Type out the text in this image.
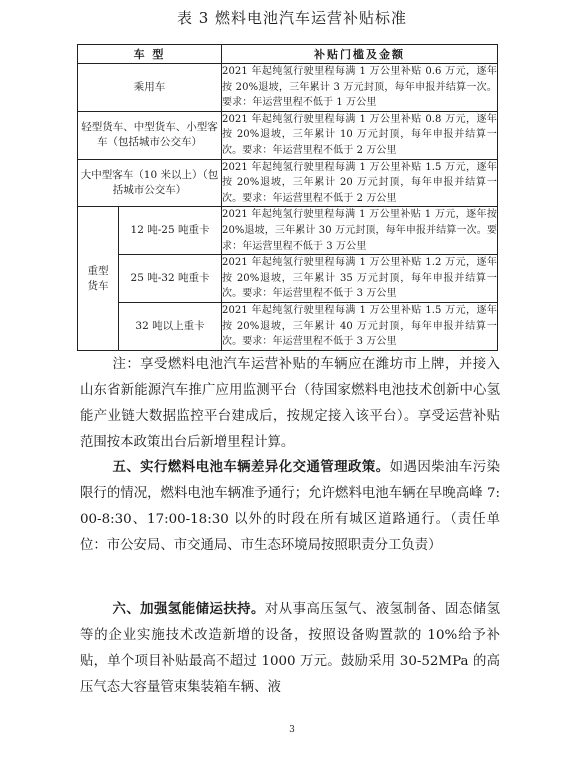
表 3 燃料电池汽车运营补贴标准
车 型		补贴门槛及金额
乘用车		2021 年起纯氢行驶里程每满 1 万公里补贴 0.6 万元，逐年按 20%退坡，三年累计 3 万元封顶，每年申报并结算一次。要求：年运营里程不低于 1 万公里
轻型货车、中型货车、小型客车（包括城市公交车）		2021 年起纯氢行驶里程每满 1 万公里补贴 0.8 万元，逐年按 20%退坡，三年累计 10 万元封顶，每年申报并结算一次。要求：年运营里程不低于 2 万公里
大中型客车（10 米以上）（包括城市公交车）		2021 年起纯氢行驶里程每满 1 万公里补贴 1.5 万元，逐年按 20%退坡，三年累计 20 万元封顶，每年申报并结算一次。要求：年运营里程不低于 2 万公里
重型货车	12 吨-25 吨重卡	2021 年起纯氢行驶里程每满 1 万公里补贴 1 万元，逐年按 20%退坡，三年累计 30 万元封顶，每年申报并结算一次。要求：年运营里程不低于 3 万公里
	25 吨-32 吨重卡	2021 年起纯氢行驶里程每满 1 万公里补贴 1.2 万元，逐年按 20%退坡，三年累计 35 万元封顶，每年申报并结算一次。要求：年运营里程不低于 3 万公里
	32 吨以上重卡	2021 年起纯氢行驶里程每满 1 万公里补贴 1.5 万元，逐年按 20%退坡，三年累计 40 万元封顶，每年申报并结算一次。要求：年运营里程不低于 3 万公里
注：享受燃料电池汽车运营补贴的车辆应在潍坊市上牌，并接入山东省新能源汽车推广应用监测平台（待国家燃料电池技术创新中心氢能产业链大数据监控平台建成后，按规定接入该平台）。享受运营补贴范围按本政策出台后新增里程计算。
五、实行燃料电池车辆差异化交通管理政策。如遇因柴油车污染限行的情况，燃料电池车辆准予通行；允许燃料电池车辆在早晚高峰 7:00-8:30、17:00-18:30 以外的时段在所有城区道路通行。（责任单位：市公安局、市交通局、市生态环境局按照职责分工负责）
六、加强氢能储运扶持。对从事高压氢气、液氢制备、固态储氢等的企业实施技术改造新增的设备，按照设备购置款的 10%给予补贴，单个项目补贴最高不超过 1000 万元。鼓励采用 30-52MPa 的高压气态大容量管束集装箱车辆、液
3
